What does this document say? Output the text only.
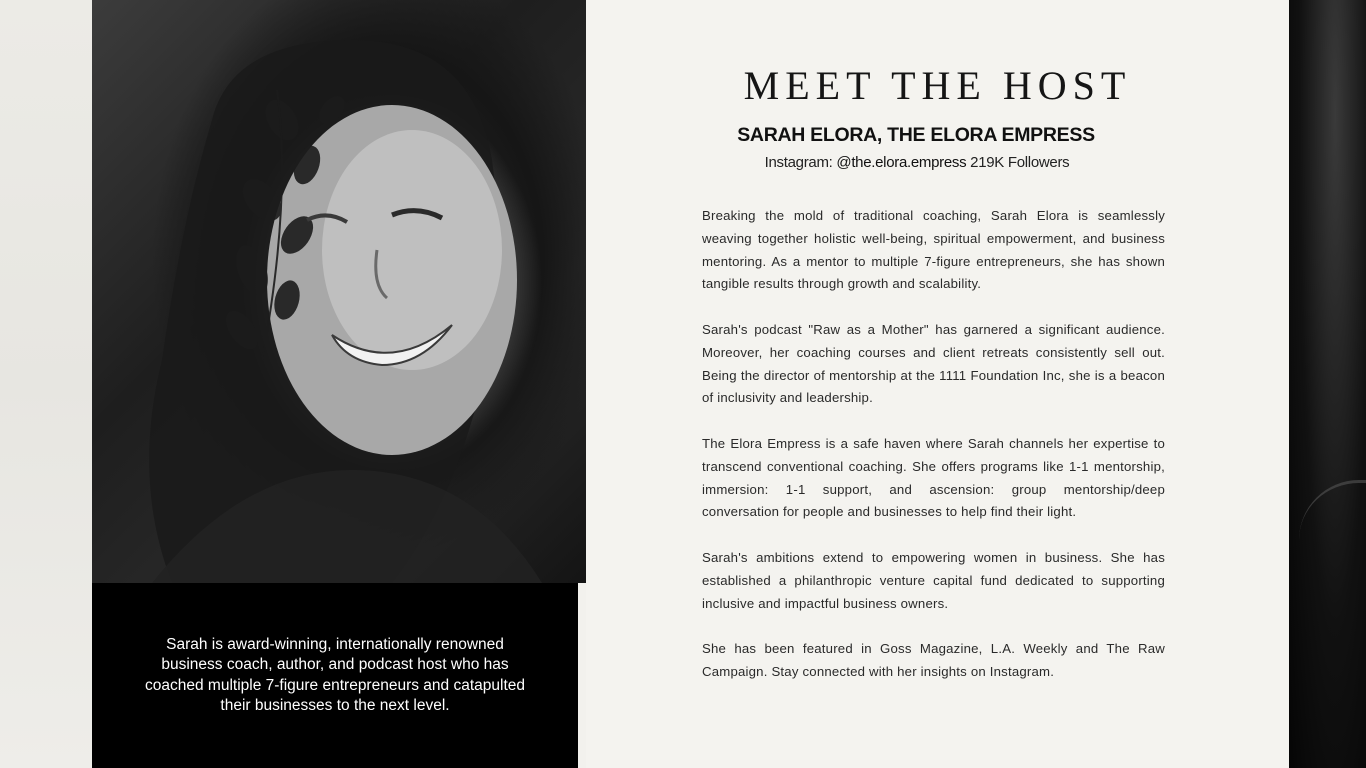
Sarah is award-winning, internationally renowned business coach, author, and podcast host who has coached multiple 7-figure entrepreneurs and catapulted their businesses to the next level.
MEET THE HOST
SARAH ELORA, THE ELORA EMPRESS
Instagram: @the.elora.empress 219K Followers

Breaking the mold of traditional coaching, Sarah Elora is seamlessly weaving together holistic well-being, spiritual empowerment, and business mentoring. As a mentor to multiple 7-figure entrepreneurs, she has shown tangible results through growth and scalability.

Sarah's podcast "Raw as a Mother" has garnered a significant audience. Moreover, her coaching courses and client retreats consistently sell out. Being the director of mentorship at the 1111 Foundation Inc, she is a beacon of inclusivity and leadership.

The Elora Empress is a safe haven where Sarah channels her expertise to transcend conventional coaching. She offers programs like 1-1 mentorship, immersion: 1-1 support, and ascension: group mentorship/deep conversation for people and businesses to help find their light.

Sarah's ambitions extend to empowering women in business. She has established a philanthropic venture capital fund dedicated to supporting inclusive and impactful business owners.

She has been featured in Goss Magazine, L.A. Weekly and The Raw Campaign. Stay connected with her insights on Instagram.
